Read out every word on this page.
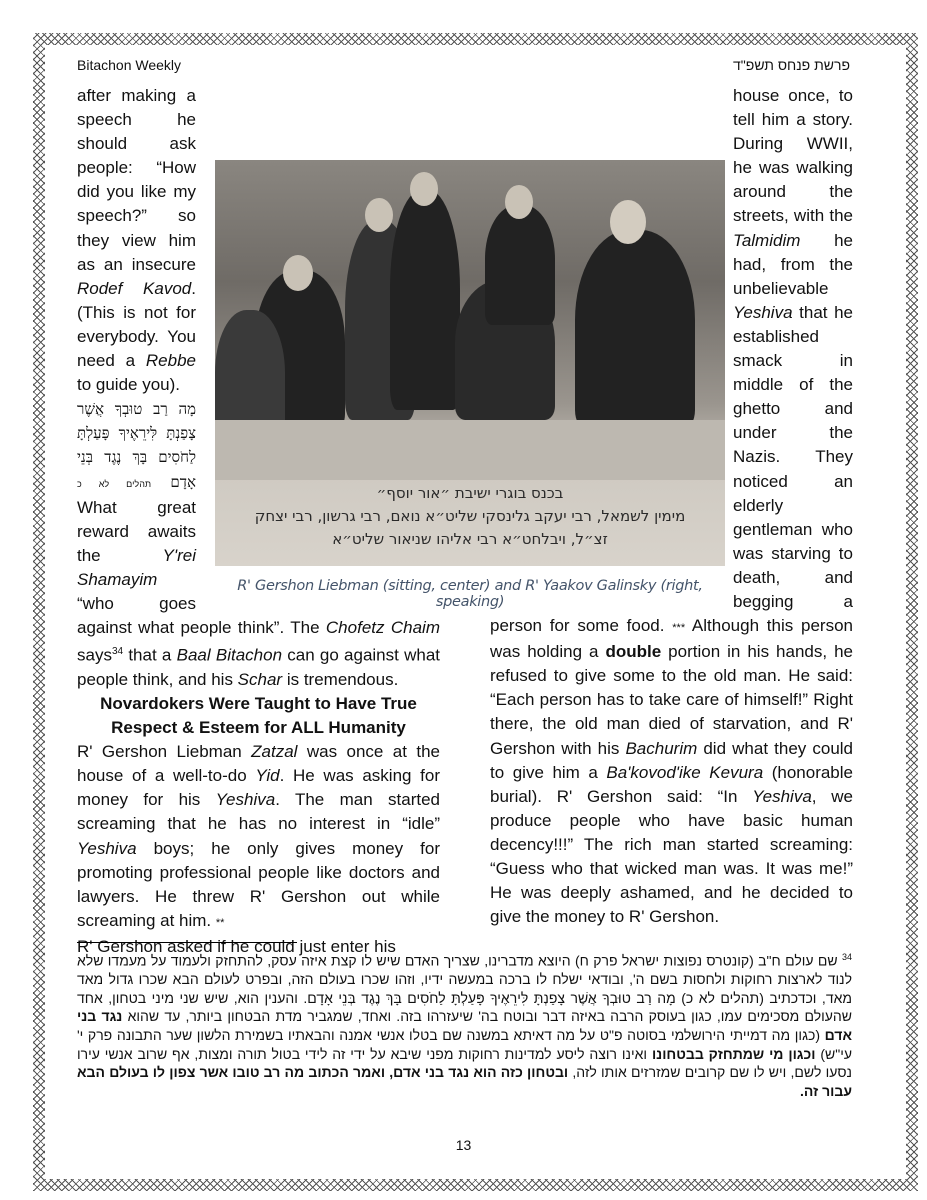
Bitachon Weekly	פרשת פנחס תשפ"ד

after making a speech he should ask people: “How did you like my speech?” so they view him as an insecure Rodef Kavod. (This is not for everybody. You need a Rebbe to guide you).

מָה רַב טוּבְךָ אֲשֶׁר צָפַנְתָּ לִּירֵאֶיךָ פָּעַלְתָּ לַחֹסִים בָּךְ נֶגֶד בְּנֵי אָדָם תהלים לא כ

What great reward awaits the Y'rei Shamayim “who goes against what people think”. The Chofetz Chaim says$^{34}$ that a Baal Bitachon can go against what people think, and his Schar is tremendous.

Novardokers Were Taught to Have True Respect & Esteem for ALL Humanity

R' Gershon Liebman Zatzal was once at the house of a well-to-do Yid. He was asking for money for his Yeshiva. The man started screaming that he has no interest in “idle” Yeshiva boys; he only gives money for promoting professional people like doctors and lawyers. He threw R' Gershon out while screaming at him. **

R' Gershon asked if he could just enter his

house once, to tell him a story. During WWII, he was walking around the streets, with the Talmidim he had, from the unbelievable Yeshiva that he established smack in middle of the ghetto and under the Nazis. They noticed an elderly gentleman who was starving to death, and begging a person for some food. *** Although this person was holding a double portion in his hands, he refused to give some to the old man. He said: “Each person has to take care of himself!” Right there, the old man died of starvation, and R' Gershon with his Bachurim did what they could to give him a Ba'kovod'ike Kevura (honorable burial). R' Gershon said: “In Yeshiva, we produce people who have basic human decency!!!” The rich man started screaming: “Guess who that wicked man was. It was me!” He was deeply ashamed, and he decided to give the money to R' Gershon.

בכנס בוגרי ישיבת ״אור יוסף״
מימין לשמאל, רבי יעקב גלינסקי שליט״א נואם, רבי גרשון, רבי יצחק
זצ״ל, ויבלחט״א רבי אליהו שניאור שליט״א
R' Gershon Liebman (sitting, center) and R' Yaakov Galinsky (right, speaking)
$^{34}$ שם עולם ח"ב (קונטרס נפוצות ישראל פרק ח) היוצא מדברינו, שצריך האדם שיש לו קצת איזה עסק, להתחזק ולעמוד על מעמדו שלא לנוד לארצות רחוקות ולחסות בשם ה', ובודאי ישלח לו ברכה במעשה ידיו, וזהו שכרו בעולם הזה, ובפרט לעולם הבא שכרו גדול מאד מאד, וכדכתיב (תהלים לא כ) מָה רַב טוּבְךָ אֲשֶׁר צָפַנְתָּ לִּירֵאֶיךָ פָּעַלְתָּ לַחֹסִים בָּךְ נֶגֶד בְּנֵי אָדָם. והענין הוא, שיש שני מיני בטחון, אחד שהעולם מסכימים עמו, כגון בעוסק הרבה באיזה דבר ובוטח בה' שיעזרהו בזה. ואחד, שמגביר מדת הבטחון ביותר, עד שהוא נגד בני אדם (כגון מה דמייתי הירושלמי בסוטה פ"ט על מה דאיתא במשנה שם בטלו אנשי אמנה והבאתיו בשמירת הלשון שער התבונה פרק י' עי"ש) וכגון מי שמתחזק בבטחונו ואינו רוצה ליסע למדינות רחוקות מפני שיבא על ידי זה לידי בטול תורה ומצות, אף שרוב אנשי עירו נסעו לשם, ויש לו שם קרובים שמזרזים אותו לזה, ובטחון כזה הוא נגד בני אדם, ואמר הכתוב מה רב טובו אשר צפון לו בעולם הבא עבור זה.
13
